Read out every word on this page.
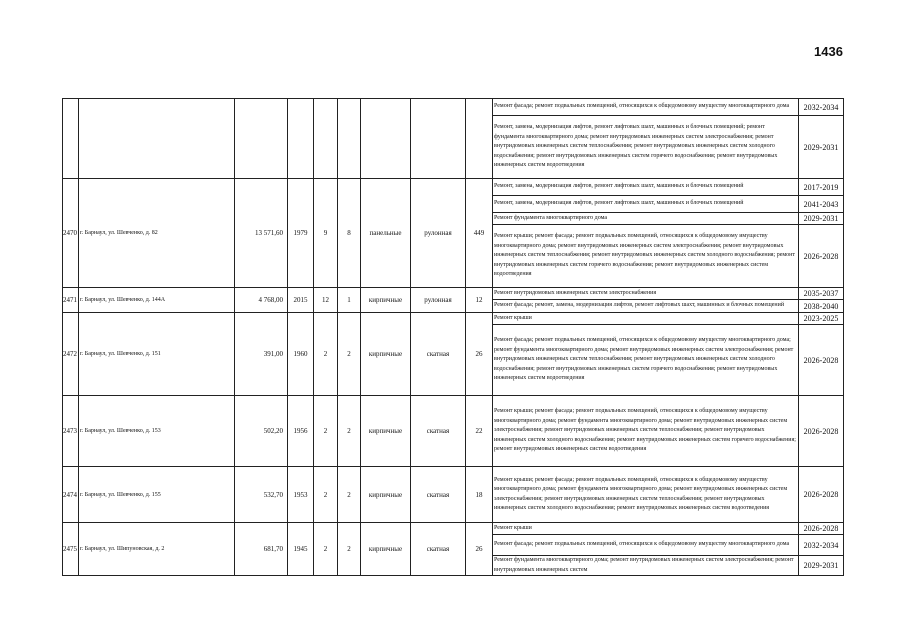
1436
									Ремонт фасада; ремонт подвальных помещений, относящихся к общедомовому имуществу многоквартирного дома	2032-2034
									Ремонт, замена, модернизация лифтов, ремонт лифтовых шахт, машинных и блочных помещений; ремонт фундамента многоквартирного дома; ремонт внутридомовых инженерных систем электроснабжения; ремонт внутридомовых инженерных систем теплоснабжения; ремонт внутридомовых инженерных систем холодного водоснабжения; ремонт внутридомовых инженерных систем горячего водоснабжения; ремонт внутридомовых инженерных систем водоотведения	2029-2031
2470	г. Барнаул, ул. Шевченко, д. 82	13 571,60	1979	9	8	панельные	рулонная	449	Ремонт, замена, модернизация лифтов, ремонт лифтовых шахт, машинных и блочных помещений	2017-2019
									Ремонт, замена, модернизация лифтов, ремонт лифтовых шахт, машинных и блочных помещений	2041-2043
									Ремонт фундамента многоквартирного дома	2029-2031
									Ремонт крыши; ремонт фасада; ремонт подвальных помещений, относящихся к общедомовому имуществу многоквартирного дома; ремонт внутридомовых инженерных систем электроснабжения; ремонт внутридомовых инженерных систем теплоснабжения; ремонт внутридомовых инженерных систем холодного водоснабжения; ремонт внутридомовых инженерных систем горячего водоснабжения; ремонт внутридомовых инженерных систем водоотведения	2026-2028
2471	г. Барнаул, ул. Шевченко, д. 144А	4 768,00	2015	12	1	кирпичные	рулонная	12	Ремонт внутридомовых инженерных систем электроснабжения	2035-2037
									Ремонт фасада; ремонт, замена, модернизация лифтов, ремонт лифтовых шахт, машинных и блочных помещений	2038-2040
2472	г. Барнаул, ул. Шевченко, д. 151	391,00	1960	2	2	кирпичные	скатная	26	Ремонт крыши	2023-2025
									Ремонт фасада; ремонт подвальных помещений, относящихся к общедомовому имуществу многоквартирного дома; ремонт фундамента многоквартирного дома; ремонт внутридомовых инженерных систем электроснабжения; ремонт внутридомовых инженерных систем теплоснабжения; ремонт внутридомовых инженерных систем холодного водоснабжения; ремонт внутридомовых инженерных систем горячего водоснабжения; ремонт внутридомовых инженерных систем водоотведения	2026-2028
2473	г. Барнаул, ул. Шевченко, д. 153	502,20	1956	2	2	кирпичные	скатная	22	Ремонт крыши; ремонт фасада; ремонт подвальных помещений, относящихся к общедомовому имуществу многоквартирного дома; ремонт фундамента многоквартирного дома; ремонт внутридомовых инженерных систем электроснабжения; ремонт внутридомовых инженерных систем теплоснабжения; ремонт внутридомовых инженерных систем холодного водоснабжения; ремонт внутридомовых инженерных систем горячего водоснабжения; ремонт внутридомовых инженерных систем водоотведения	2026-2028
2474	г. Барнаул, ул. Шевченко, д. 155	532,70	1953	2	2	кирпичные	скатная	18	Ремонт крыши; ремонт фасада; ремонт подвальных помещений, относящихся к общедомовому имуществу многоквартирного дома; ремонт фундамента многоквартирного дома; ремонт внутридомовых инженерных систем электроснабжения; ремонт внутридомовых инженерных систем теплоснабжения; ремонт внутридомовых инженерных систем холодного водоснабжения; ремонт внутридомовых инженерных систем водоотведения	2026-2028
2475	г. Барнаул, ул. Шипуновская, д. 2	681,70	1945	2	2	кирпичные	скатная	26	Ремонт крыши	2026-2028
									Ремонт фасада; ремонт подвальных помещений, относящихся к общедомовому имуществу многоквартирного дома	2032-2034
									Ремонт фундамента многоквартирного дома; ремонт внутридомовых инженерных систем электроснабжения; ремонт внутридомовых инженерных систем	2029-2031
